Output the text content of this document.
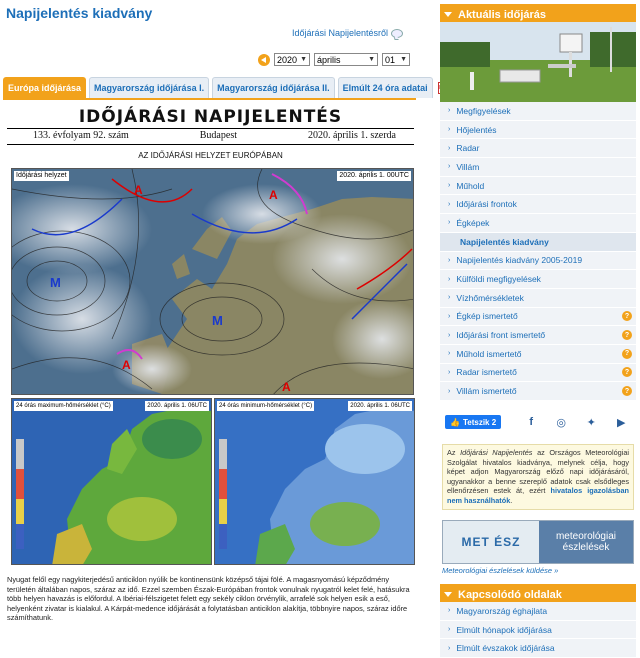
Napijelentés kiadvány
Időjárási Napijelentésről
2020 ▼ április	▼ 01 ▼
Európa időjárása	Magyarország időjárása I.	Magyarország időjárása II.	Elmúlt 24 óra adatai
IDŐJÁRÁSI NAPIJELENTÉS
133. évfolyam 92. szám	Budapest	2020. április 1. szerda
AZ IDŐJÁRÁSI HELYZET EURÓPÁBAN
A	A
A
A
M
M
Időjárási helyzet	2020. április 1. 00UTC
24 órás maximum-hőmérséklet (°C)	2020. április 1. 06UTC	24 órás minimum-hőmérséklet (°C)	2020. április 1. 06UTC
Nyugat felől egy nagykiterjedésű anticiklon nyúlik be kontinensünk középső tájai fölé. A magasnyomású képződmény területén általában napos, száraz az idő. Ezzel szemben Észak-Európában frontok vonulnak nyugatról kelet felé, hatásukra több helyen havazás is előfordul. A Ibériai-félszigetet felett egy sekély ciklon örvénylik, arrafelé sok helyen esik a eső, helyenként zivatar is kialakul. A Kárpát-medence időjárását a folytatásban anticiklon alakítja, többnyire napos, száraz időre számíthatunk.
Aktuális időjárás
› Megfigyelések
› Hőjelentés
› Radar
› Villám
› Műhold
› Időjárási frontok
› Égképek
Napijelentés kiadvány
› Napijelentés kiadvány 2005-2019
› Külföldi megfigyelések
› Vízhőmérsékletek
› Égkép ismertető	?
› Időjárási front ismertető	?
› Műhold ismertető	?
› Radar ismertető	?
› Villám ismertető	?
👍 Tetszik 2	f	◎	✦	▶
Az Időjárási Napijelentés az Országos Meteorológiai Szolgálat hivatalos kiadványa, melynek célja, hogy képet adjon Magyarország előző napi időjárásáról, ugyanakkor a benne szereplő adatok csak elsődleges ellenőrzésen estek át, ezért hivatalos igazolásban nem használhatók.
MET ÉSZ	meteorológiai
észlelések
Meteorológiai észlelések küldése »
Kapcsolódó oldalak
› Magyarország éghajlata
› Elmúlt hónapok időjárása
› Elmúlt évszakok időjárása
